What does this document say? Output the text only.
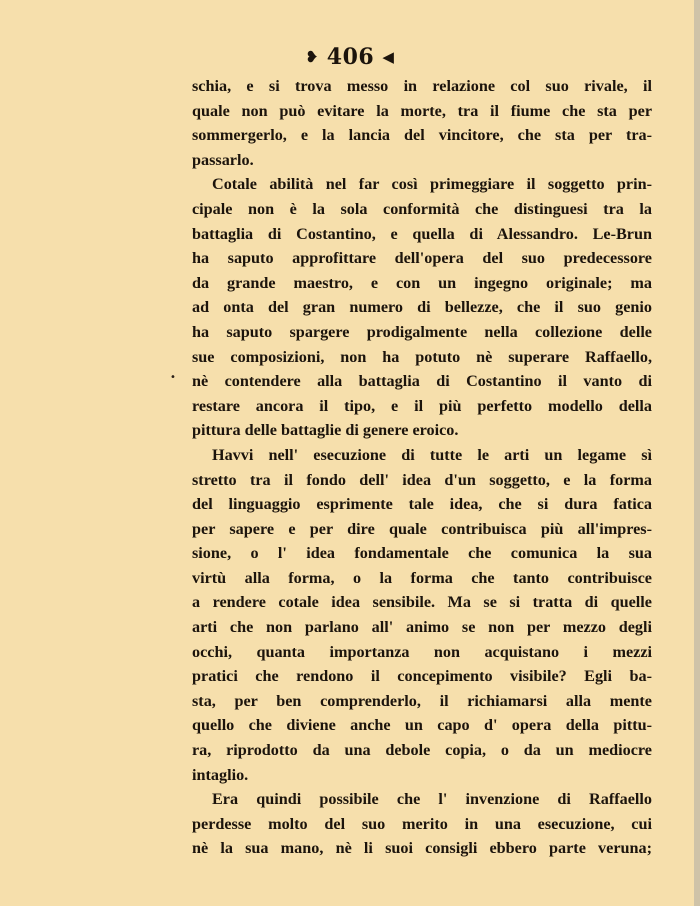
❥ 406 ◀
schia, e si trova messo in relazione col suo rivale, il
quale non può evitare la morte, tra il fiume che sta per
sommergerlo, e la lancia del vincitore, che sta per tra-
passarlo.
Cotale abilità nel far così primeggiare il soggetto prin-
cipale non è la sola conformità che distinguesi tra la
battaglia di Costantino, e quella di Alessandro. Le-Brun
ha saputo approfittare dell'opera del suo predecessore
da grande maestro, e con un ingegno originale; ma
ad onta del gran numero di bellezze, che il suo genio
ha saputo spargere prodigalmente nella collezione delle
sue composizioni, non ha potuto nè superare Raffaello,
nè contendere alla battaglia di Costantino il vanto di
restare ancora il tipo, e il più perfetto modello della
pittura delle battaglie di genere eroico.
Havvi nell' esecuzione di tutte le arti un legame sì
stretto tra il fondo dell' idea d'un soggetto, e la forma
del linguaggio esprimente tale idea, che si dura fatica
per sapere e per dire quale contribuisca più all'impres-
sione, o l' idea fondamentale che comunica la sua
virtù alla forma, o la forma che tanto contribuisce
a rendere cotale idea sensibile. Ma se si tratta di quelle
arti che non parlano all' animo se non per mezzo degli
occhi, quanta importanza non acquistano i mezzi
pratici che rendono il concepimento visibile? Egli ba-
sta, per ben comprenderlo, il richiamarsi alla mente
quello che diviene anche un capo d' opera della pittu-
ra, riprodotto da una debole copia, o da un mediocre
intaglio.
Era quindi possibile che l' invenzione di Raffaello
perdesse molto del suo merito in una esecuzione, cui
nè la sua mano, nè li suoi consigli ebbero parte veruna;
•
